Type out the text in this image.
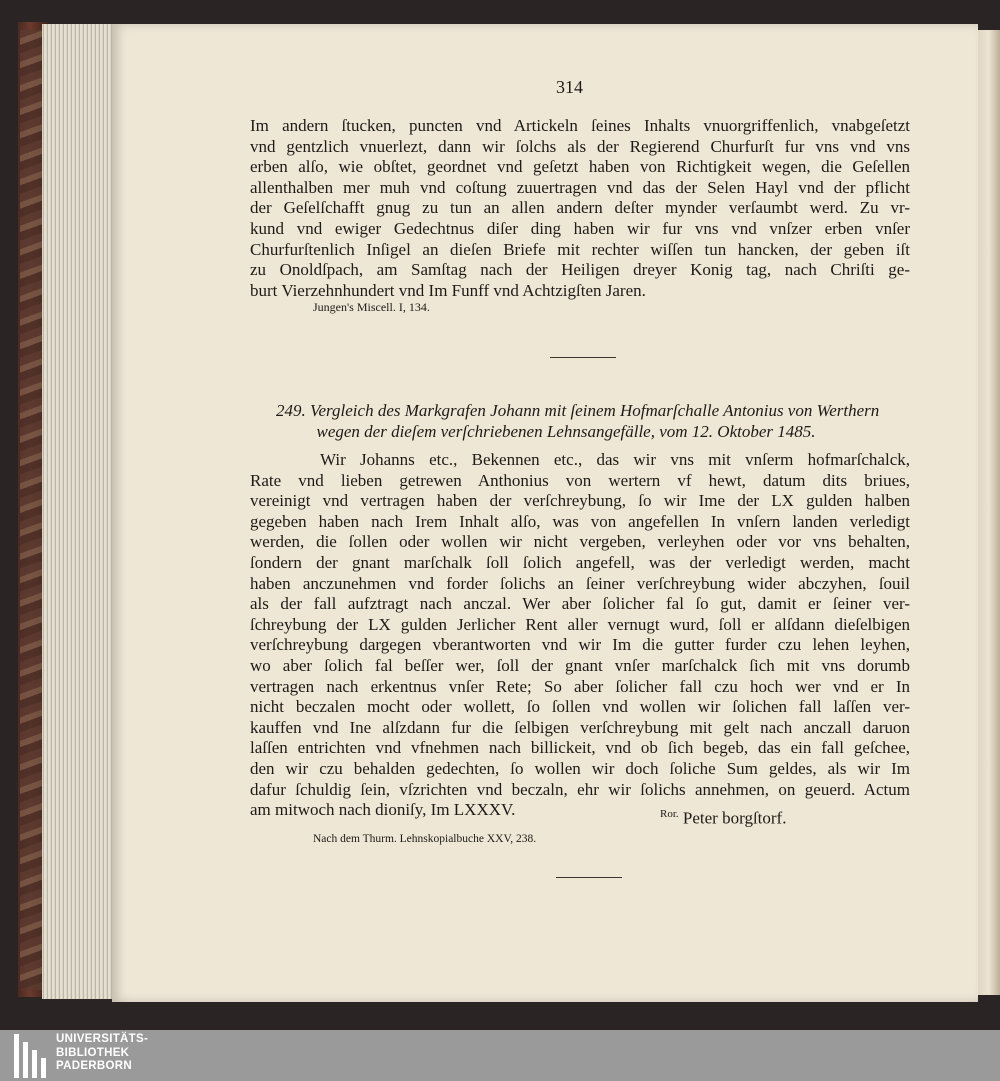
314
Im andern ſtucken, puncten vnd Artickeln ſeines Inhalts vnuorgriffenlich, vnabgeſetzt
vnd gentzlich vnuerlezt, dann wir ſolchs als der Regierend Churfurſt fur vns vnd vns
erben alſo, wie obſtet, geordnet vnd geſetzt haben von Richtigkeit wegen, die Geſellen
allenthalben mer muh vnd coſtung zuuertragen vnd das der Selen Hayl vnd der pflicht
der Geſelſchafft gnug zu tun an allen andern deſter mynder verſaumbt werd. Zu vr-
kund vnd ewiger Gedechtnus diſer ding haben wir fur vns vnd vnſzer erben vnſer
Churfurſtenlich Inſigel an dieſen Briefe mit rechter wiſſen tun hancken, der geben iſt
zu Onoldſpach, am Samſtag nach der Heiligen dreyer Konig tag, nach Chriſti ge-
burt Vierzehnhundert vnd Im Funff vnd Achtzigſten Jaren.
Jungen's Miscell. I, 134.
249. Vergleich des Markgrafen Johann mit ſeinem Hofmarſchalle Antonius von Werthern
wegen der dieſem verſchriebenen Lehnsangefälle, vom 12. Oktober 1485.
Wir Johanns etc., Bekennen etc., das wir vns mit vnſerm hofmarſchalck,
Rate vnd lieben getrewen Anthonius von wertern vf hewt, datum dits briues,
vereinigt vnd vertragen haben der verſchreybung, ſo wir Ime der LX gulden halben
gegeben haben nach Irem Inhalt alſo, was von angefellen In vnſern landen verledigt
werden, die ſollen oder wollen wir nicht vergeben, verleyhen oder vor vns behalten,
ſondern der gnant marſchalk ſoll ſolich angefell, was der verledigt werden, macht
haben anczunehmen vnd forder ſolichs an ſeiner verſchreybung wider abczyhen, ſouil
als der fall aufztragt nach anczal. Wer aber ſolicher fal ſo gut, damit er ſeiner ver-
ſchreybung der LX gulden Jerlicher Rent aller vernugt wurd, ſoll er alſdann dieſelbigen
verſchreybung dargegen vberantworten vnd wir Im die gutter furder czu lehen leyhen,
wo aber ſolich fal beſſer wer, ſoll der gnant vnſer marſchalck ſich mit vns dorumb
vertragen nach erkentnus vnſer Rete; So aber ſolicher fall czu hoch wer vnd er In
nicht beczalen mocht oder wollett, ſo ſollen vnd wollen wir ſolichen fall laſſen ver-
kauffen vnd Ine alſzdann fur die ſelbigen verſchreybung mit gelt nach anczall daruon
laſſen entrichten vnd vfnehmen nach billickeit, vnd ob ſich begeb, das ein fall geſchee,
den wir czu behalden gedechten, ſo wollen wir doch ſoliche Sum geldes, als wir Im
dafur ſchuldig ſein, vſzrichten vnd beczaln, ehr wir ſolichs annehmen, on geuerd. Actum
am mitwoch nach dioniſy, Im LXXXV.	$^{Ror.}$ Peter borgſtorf.
Nach dem Thurm. Lehnskopialbuche XXV, 238.
UNIVERSITÄTS-
BIBLIOTHEK
PADERBORN
